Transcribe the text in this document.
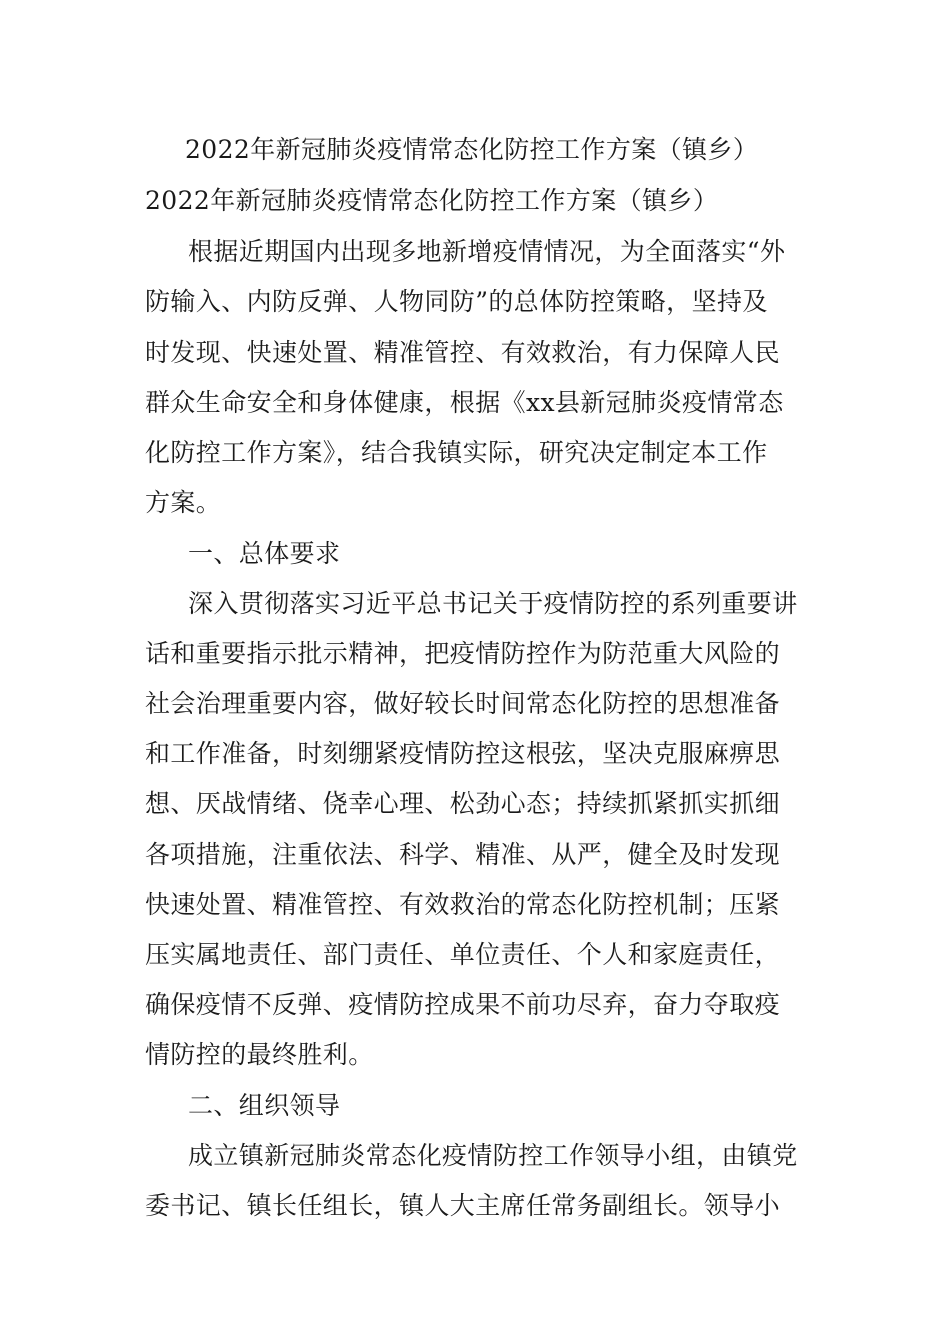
2022年新冠肺炎疫情常态化防控工作方案（镇乡）
2022年新冠肺炎疫情常态化防控工作方案（镇乡）
根据近期国内出现多地新增疫情情况，为全面落实“外
防输入、内防反弹、人物同防”的总体防控策略，坚持及
时发现、快速处置、精准管控、有效救治，有力保障人民
群众生命安全和身体健康，根据《xx县新冠肺炎疫情常态
化防控工作方案》，结合我镇实际，研究决定制定本工作
方案。
一、总体要求
深入贯彻落实习近平总书记关于疫情防控的系列重要讲
话和重要指示批示精神，把疫情防控作为防范重大风险的
社会治理重要内容，做好较长时间常态化防控的思想准备
和工作准备，时刻绷紧疫情防控这根弦，坚决克服麻痹思
想、厌战情绪、侥幸心理、松劲心态；持续抓紧抓实抓细
各项措施，注重依法、科学、精准、从严，健全及时发现
快速处置、精准管控、有效救治的常态化防控机制；压紧
压实属地责任、部门责任、单位责任、个人和家庭责任，
确保疫情不反弹、疫情防控成果不前功尽弃，奋力夺取疫
情防控的最终胜利。
二、组织领导
成立镇新冠肺炎常态化疫情防控工作领导小组，由镇党
委书记、镇长任组长，镇人大主席任常务副组长。领导小
